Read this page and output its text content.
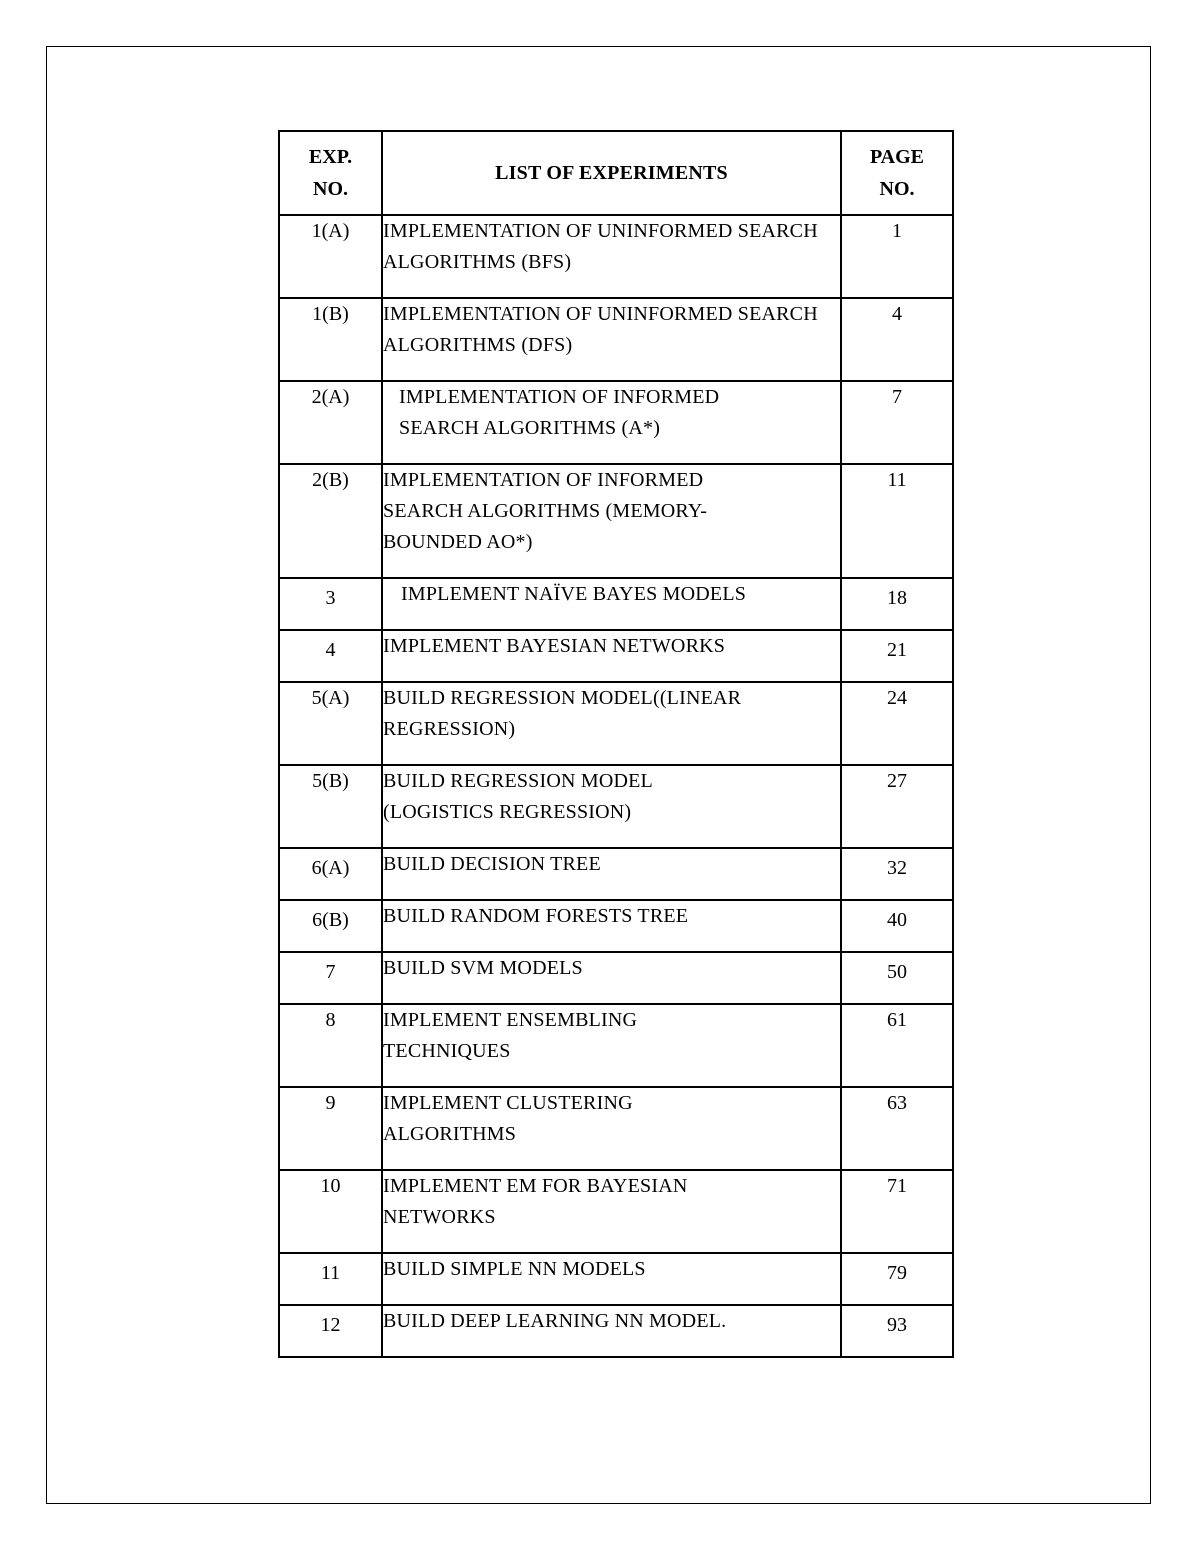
EXP. NO.	LIST OF EXPERIMENTS	PAGE NO.
1(A)	IMPLEMENTATION OF UNINFORMED SEARCH ALGORITHMS (BFS)	1
1(B)	IMPLEMENTATION OF UNINFORMED SEARCH ALGORITHMS (DFS)	4
2(A)	IMPLEMENTATION OF INFORMED SEARCH ALGORITHMS (A*)	7
2(B)	IMPLEMENTATION OF INFORMED SEARCH ALGORITHMS (MEMORY-BOUNDED AO*)	11
3	IMPLEMENT NAÏVE BAYES MODELS	18
4	IMPLEMENT BAYESIAN NETWORKS	21
5(A)	BUILD REGRESSION MODEL((LINEAR REGRESSION)	24
5(B)	BUILD REGRESSION MODEL (LOGISTICS REGRESSION)	27
6(A)	BUILD DECISION TREE	32
6(B)	BUILD RANDOM FORESTS TREE	40
7	BUILD SVM MODELS	50
8	IMPLEMENT ENSEMBLING TECHNIQUES	61
9	IMPLEMENT CLUSTERING ALGORITHMS	63
10	IMPLEMENT EM FOR BAYESIAN NETWORKS	71
11	BUILD SIMPLE NN MODELS	79
12	BUILD DEEP LEARNING NN MODEL.	93
